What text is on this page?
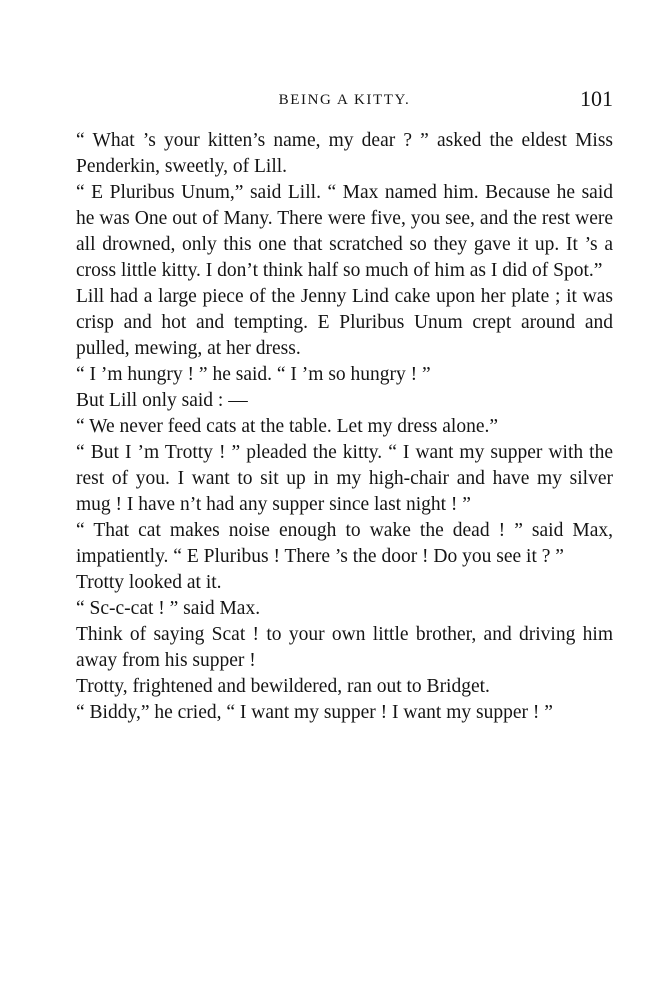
BEING A KITTY.	101

“ What ’s your kitten’s name, my dear ? ” asked the eldest Miss Penderkin, sweetly, of Lill.

“ E Pluribus Unum,” said Lill. “ Max named him. Because he said he was One out of Many. There were five, you see, and the rest were all drowned, only this one that scratched so they gave it up. It ’s a cross little kitty. I don’t think half so much of him as I did of Spot.”

Lill had a large piece of the Jenny Lind cake upon her plate ; it was crisp and hot and tempting. E Pluribus Unum crept around and pulled, mewing, at her dress.

“ I ’m hungry ! ” he said. “ I ’m so hungry ! ”

But Lill only said : —

“ We never feed cats at the table. Let my dress alone.”

“ But I ’m Trotty ! ” pleaded the kitty. “ I want my supper with the rest of you. I want to sit up in my high-chair and have my silver mug ! I have n’t had any supper since last night ! ”

“ That cat makes noise enough to wake the dead ! ” said Max, impatiently. “ E Pluribus ! There ’s the door ! Do you see it ? ”

Trotty looked at it.

“ Sc-c-cat ! ” said Max.

Think of saying Scat ! to your own little brother, and driving him away from his supper !

Trotty, frightened and bewildered, ran out to Bridget.

“ Biddy,” he cried, “ I want my supper ! I want my supper ! ”
